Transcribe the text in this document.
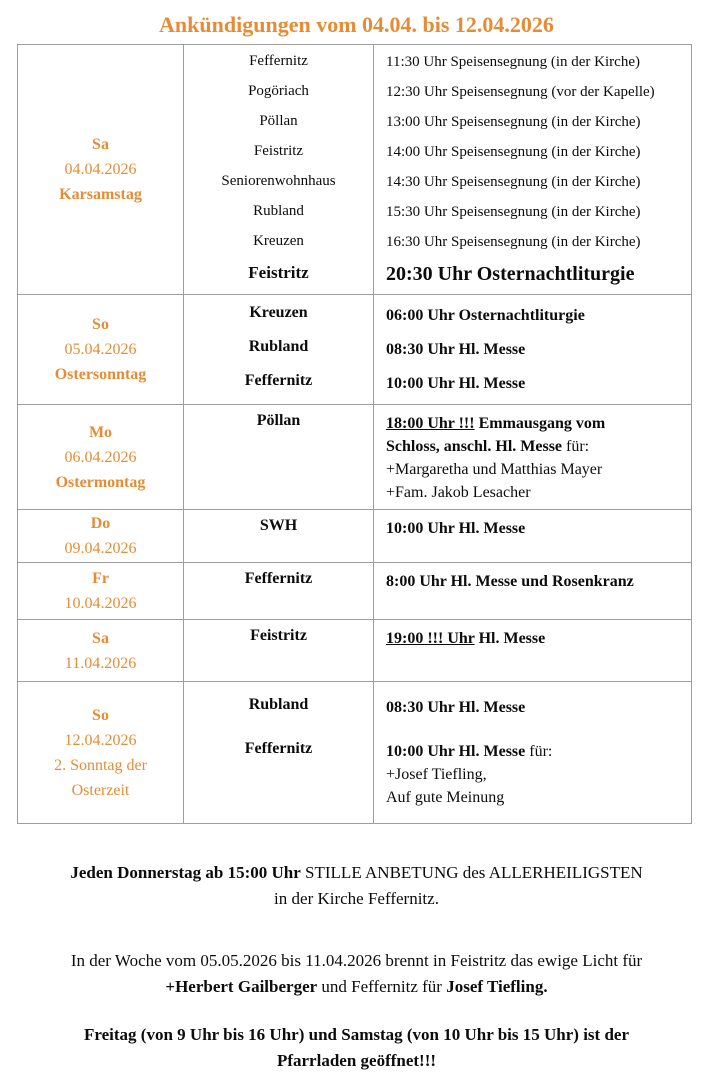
Ankündigungen vom 04.04. bis 12.04.2026
Sa
04.04.2026
Karsamstag
Feffernitz	11:30 Uhr Speisensegnung (in der Kirche)
Pogöriach	12:30 Uhr Speisensegnung (vor der Kapelle)
Pöllan	13:00 Uhr Speisensegnung (in der Kirche)
Feistritz	14:00 Uhr Speisensegnung (in der Kirche)
Seniorenwohnhaus	14:30 Uhr Speisensegnung (in der Kirche)
Rubland	15:30 Uhr Speisensegnung (in der Kirche)
Kreuzen	16:30 Uhr Speisensegnung (in der Kirche)
Feistritz	20:30 Uhr Osternachtliturgie
So
05.04.2026
Ostersonntag
Kreuzen	06:00 Uhr Osternachtliturgie
Rubland	08:30 Uhr Hl. Messe
Feffernitz	10:00 Uhr Hl. Messe
Mo
06.04.2026
Ostermontag
Pöllan	18:00 Uhr !!! Emmausgang vom
Schloss, anschl. Hl. Messe für:
+Margaretha und Matthias Mayer
+Fam. Jakob Lesacher
Do
09.04.2026
SWH	10:00 Uhr Hl. Messe
Fr
10.04.2026
Feffernitz	8:00 Uhr Hl. Messe und Rosenkranz
Sa
11.04.2026
Feistritz	19:00 !!! Uhr Hl. Messe
So
12.04.2026
2. Sonntag der
Osterzeit
Rubland	08:30 Uhr Hl. Messe
Feffernitz	10:00 Uhr Hl. Messe für:
+Josef Tiefling,
Auf gute Meinung
Jeden Donnerstag ab 15:00 Uhr STILLE ANBETUNG des ALLERHEILIGSTEN
in der Kirche Feffernitz.
In der Woche vom 05.05.2026 bis 11.04.2026 brennt in Feistritz das ewige Licht für
+Herbert Gailberger und Feffernitz für Josef Tiefling.
Freitag (von 9 Uhr bis 16 Uhr) und Samstag (von 10 Uhr bis 15 Uhr) ist der
Pfarrladen geöffnet!!!
